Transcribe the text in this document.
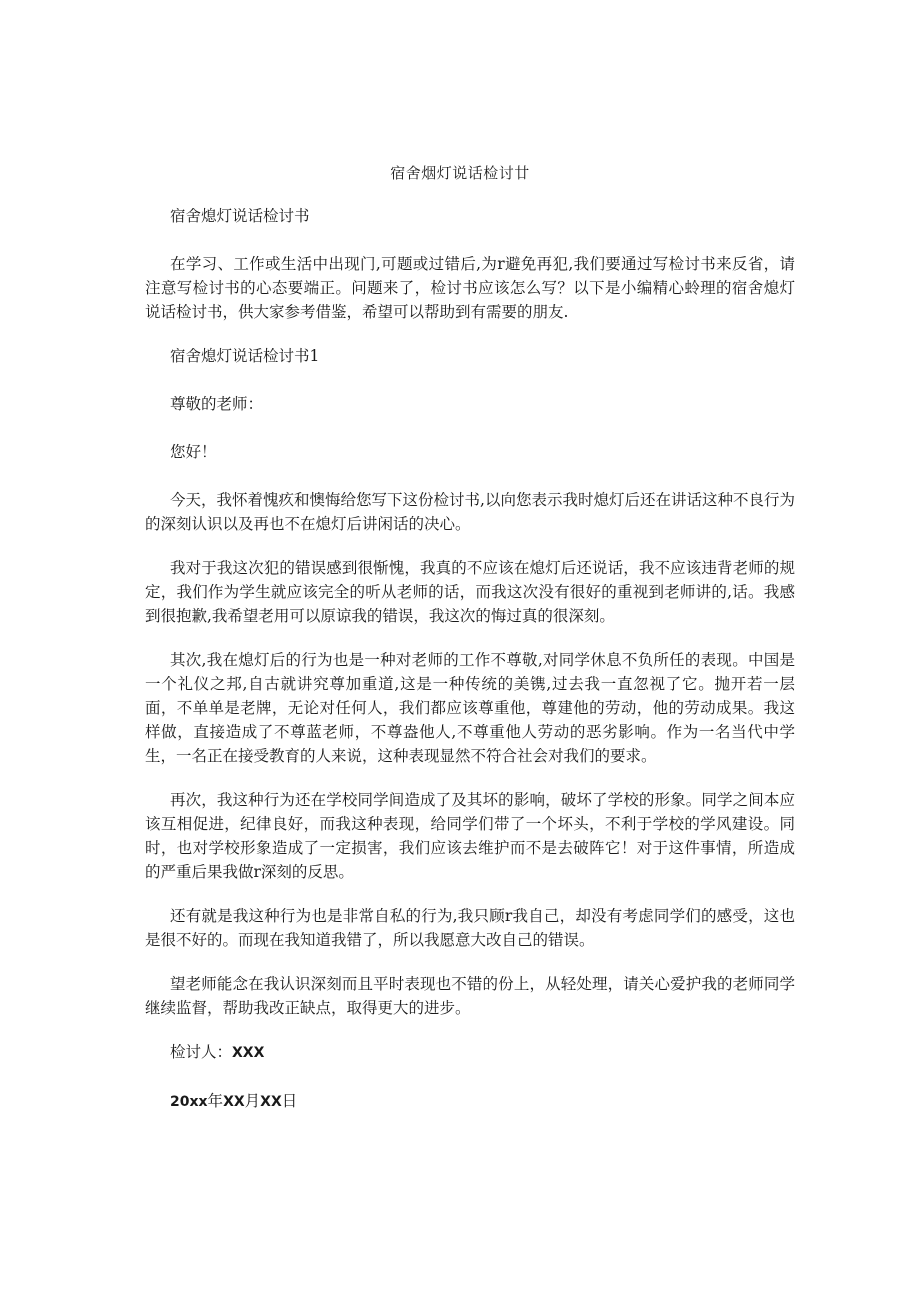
宿舍烟灯说话检讨廿

宿舍熄灯说话检讨书

在学习、工作或生活中出现门,可题或过错后,为r避免再犯,我们要通过写检讨书来反省，请注意写检讨书的心态要端正。问题来了，检讨书应该怎么写？以下是小编精心蛉理的宿舍熄灯说话检讨书，供大家参考借鉴，希望可以帮助到有需要的朋友.

宿舍熄灯说话检讨书1

尊敬的老师：

您好！

今天，我怀着愧疚和懊悔给您写下这份检讨书,以向您表示我时熄灯后还在讲话这种不良行为的深刻认识以及再也不在熄灯后讲闲话的决心。

我对于我这次犯的错误感到很惭愧，我真的不应该在熄灯后还说话，我不应该违背老师的规定，我们作为学生就应该完全的听从老师的话，而我这次没有很好的重视到老师讲的,话。我感到很抱歉,我希望老用可以原谅我的错误，我这次的悔过真的很深刻。

其次,我在熄灯后的行为也是一种对老师的工作不尊敬,对同学休息不负所任的表现。中国是一个礼仪之邦,自古就讲究尊加重道,这是一种传统的美镌,过去我一直忽视了它。抛开若一层面，不单单是老牌，无论对任何人，我们都应该尊重他，尊建他的劳动，他的劳动成果。我这样做，直接造成了不尊蓝老师，不尊盎他人,不尊重他人劳动的恶劣影响。作为一名当代中学生，一名正在接受教育的人来说，这种表现显然不符合社会对我们的要求。

再次，我这种行为还在学校同学间造成了及其坏的影响，破坏了学校的形象。同学之间本应该互相促进，纪律良好，而我这种表现，给同学们带了一个坏头，不利于学校的学风建设。同时，也对学校形象造成了一定损害，我们应该去维护而不是去破阵它！对于这件事情，所造成的严重后果我做r深刻的反思。

还有就是我这种行为也是非常自私的行为,我只顾r我自己，却没有考虑同学们的感受，这也是很不好的。而现在我知道我错了，所以我愿意大改自己的错误。

望老师能念在我认识深刻而且平时表现也不错的份上，从轻处理，请关心爱护我的老师同学继续监督，帮助我改正缺点，取得更大的进步。

检讨人：XXX

20xx年XX月XX日
